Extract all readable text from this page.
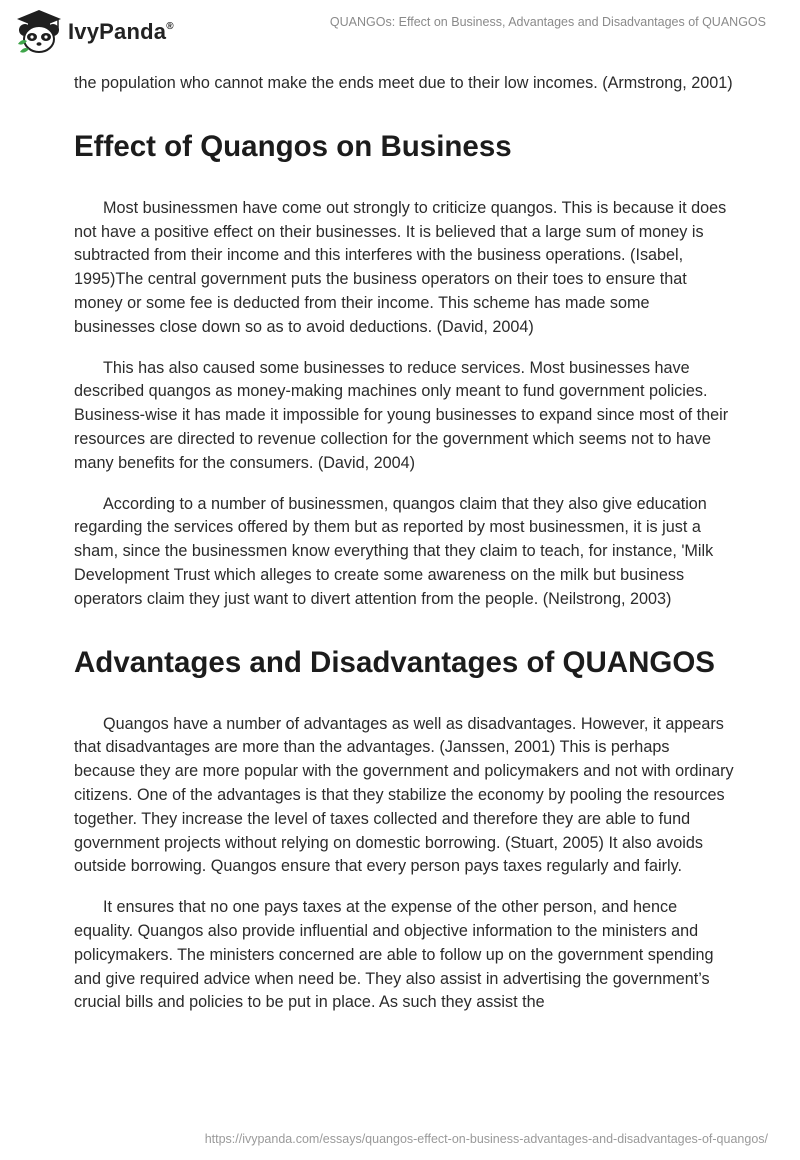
IvyPanda®	QUANGOs: Effect on Business, Advantages and Disadvantages of QUANGOS

the population who cannot make the ends meet due to their low incomes. (Armstrong, 2001)

Effect of Quangos on Business

Most businessmen have come out strongly to criticize quangos. This is because it does not have a positive effect on their businesses. It is believed that a large sum of money is subtracted from their income and this interferes with the business operations. (Isabel, 1995)The central government puts the business operators on their toes to ensure that money or some fee is deducted from their income. This scheme has made some businesses close down so as to avoid deductions. (David, 2004)

This has also caused some businesses to reduce services. Most businesses have described quangos as money-making machines only meant to fund government policies. Business-wise it has made it impossible for young businesses to expand since most of their resources are directed to revenue collection for the government which seems not to have many benefits for the consumers. (David, 2004)

According to a number of businessmen, quangos claim that they also give education regarding the services offered by them but as reported by most businessmen, it is just a sham, since the businessmen know everything that they claim to teach, for instance, 'Milk Development Trust which alleges to create some awareness on the milk but business operators claim they just want to divert attention from the people. (Neilstrong, 2003)

Advantages and Disadvantages of QUANGOS

Quangos have a number of advantages as well as disadvantages. However, it appears that disadvantages are more than the advantages. (Janssen, 2001) This is perhaps because they are more popular with the government and policymakers and not with ordinary citizens. One of the advantages is that they stabilize the economy by pooling the resources together. They increase the level of taxes collected and therefore they are able to fund government projects without relying on domestic borrowing. (Stuart, 2005) It also avoids outside borrowing. Quangos ensure that every person pays taxes regularly and fairly.

It ensures that no one pays taxes at the expense of the other person, and hence equality. Quangos also provide influential and objective information to the ministers and policymakers. The ministers concerned are able to follow up on the government spending and give required advice when need be. They also assist in advertising the government’s crucial bills and policies to be put in place. As such they assist the

https://ivypanda.com/essays/quangos-effect-on-business-advantages-and-disadvantages-of-quangos/
